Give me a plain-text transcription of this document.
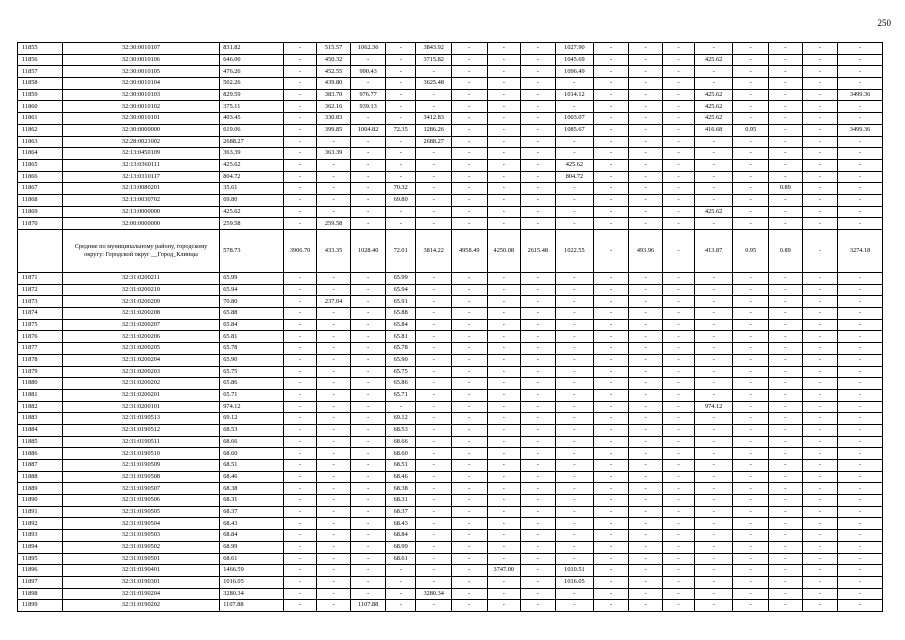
250
11855	32:30:0010107	831.82	-	515.57	1062.36	-	3843.92	-	-	-	1027.90	-	-	-	-	-	-	-	-
11856	32:30:0010106	646.00	-	450.32	-	-	3715.82	-	-	-	1045.69	-	-	-	425.62	-	-	-	-
11857	32:30:0010105	476.26	-	452.55	990.43	-	-	-	-	-	1096.49	-	-	-	-	-	-	-	-
11858	32:30:0010104	502.26	-	439.80	-	-	3625.48	-	-	-	-	-	-	-	-	-	-	-	-
11859	32:30:0010103	829.59	-	383.70	976.77	-	-	-	-	-	1014.12	-	-	-	425.62	-	-	-	3499.36
11860	32:30:0010102	375.11	-	362.16	939.13	-	-	-	-	-	-	-	-	-	425.62	-	-	-	-
11861	32:30:0010101	403.45	-	330.83	-	-	3412.83	-	-	-	1003.07	-	-	-	425.62	-	-	-	-
11862	32:30:0000000	619.06	-	399.85	1004.82	72.35	1286.26	-	-	-	1085.67	-	-	-	416.68	0.95	-	-	3499.36
11863	32:28:0021002	2688.27	-	-	-	-	2688.27	-	-	-	-	-	-	-	-	-	-	-	-
11864	32:13:0450109	363.39	-	363.39	-	-	-	-	-	-	-	-	-	-	-	-	-	-	-
11865	32:13:0360111	425.62	-	-	-	-	-	-	-	-	425.62	-	-	-	-	-	-	-	-
11866	32:13:0310117	804.72	-	-	-	-	-	-	-	-	804.72	-	-	-	-	-	-	-	-
11867	32:13:0080201	35.61	-	-	-	70.32	-	-	-	-	-	-	-	-	-	-	0.89	-	-
11868	32:13:0030702	69.80	-	-	-	69.80	-	-	-	-	-	-	-	-	-	-	-	-	-
11869	32:13:0000000	425.62	-	-	-	-	-	-	-	-	-	-	-	-	425.62	-	-	-	-
11870	32:00:0000000	259.58	-	259.58	-	-	-	-	-	-	-	-	-	-	-	-	-	-	-
	Средние по муниципальному району, городскому округу: Городской округ __Город_Клинцы	578.73	3906.70	433.35	1028.40	72.01	3814.22	4958.49	4250.08	2615.48	1022.55	-	493.96	-	413.87	0.95	0.89	-	3274.18
11871	32:31:0200211	65.99	-	-	-	65.99	-	-	-	-	-	-	-	-	-	-	-	-	-
11872	32:31:0200210	65.94	-	-	-	65.94	-	-	-	-	-	-	-	-	-	-	-	-	-
11873	32:31:0200209	70.80	-	237.04	-	65.91	-	-	-	-	-	-	-	-	-	-	-	-	-
11874	32:31:0200208	65.88	-	-	-	65.88	-	-	-	-	-	-	-	-	-	-	-	-	-
11875	32:31:0200207	65.84	-	-	-	65.84	-	-	-	-	-	-	-	-	-	-	-	-	-
11876	32:31:0200206	65.81	-	-	-	65.81	-	-	-	-	-	-	-	-	-	-	-	-	-
11877	32:31:0200205	65.78	-	-	-	65.78	-	-	-	-	-	-	-	-	-	-	-	-	-
11878	32:31:0200204	65.90	-	-	-	65.90	-	-	-	-	-	-	-	-	-	-	-	-	-
11879	32:31:0200203	65.75	-	-	-	65.75	-	-	-	-	-	-	-	-	-	-	-	-	-
11880	32:31:0200202	65.86	-	-	-	65.86	-	-	-	-	-	-	-	-	-	-	-	-	-
11881	32:31:0200201	65.71	-	-	-	65.71	-	-	-	-	-	-	-	-	-	-	-	-	-
11882	32:31:0200101	974.12	-	-	-	-	-	-	-	-	-	-	-	-	974.12	-	-	-	-
11883	32:31:0190513	69.12	-	-	-	69.12	-	-	-	-	-	-	-	-	-	-	-	-	-
11884	32:31:0190512	68.53	-	-	-	68.53	-	-	-	-	-	-	-	-	-	-	-	-	-
11885	32:31:0190511	68.66	-	-	-	68.66	-	-	-	-	-	-	-	-	-	-	-	-	-
11886	32:31:0190510	68.60	-	-	-	68.60	-	-	-	-	-	-	-	-	-	-	-	-	-
11887	32:31:0190509	68.51	-	-	-	68.51	-	-	-	-	-	-	-	-	-	-	-	-	-
11888	32:31:0190508	68.46	-	-	-	68.46	-	-	-	-	-	-	-	-	-	-	-	-	-
11889	32:31:0190507	68.38	-	-	-	68.38	-	-	-	-	-	-	-	-	-	-	-	-	-
11890	32:31:0190506	68.31	-	-	-	68.31	-	-	-	-	-	-	-	-	-	-	-	-	-
11891	32:31:0190505	68.37	-	-	-	68.37	-	-	-	-	-	-	-	-	-	-	-	-	-
11892	32:31:0190504	68.43	-	-	-	68.43	-	-	-	-	-	-	-	-	-	-	-	-	-
11893	32:31:0190503	68.84	-	-	-	68.84	-	-	-	-	-	-	-	-	-	-	-	-	-
11894	32:31:0190502	68.99	-	-	-	68.99	-	-	-	-	-	-	-	-	-	-	-	-	-
11895	32:31:0190501	68.61	-	-	-	68.61	-	-	-	-	-	-	-	-	-	-	-	-	-
11896	32:31:0190401	1466.59	-	-	-	-	-	-	3747.00	-	1010.51	-	-	-	-	-	-	-	-
11897	32:31:0190301	1016.05	-	-	-	-	-	-	-	-	1016.05	-	-	-	-	-	-	-	-
11898	32:31:0190204	3280.34	-	-	-	-	3280.34	-	-	-	-	-	-	-	-	-	-	-	-
11899	32:31:0190202	1107.88	-	-	1107.88	-	-	-	-	-	-	-	-	-	-	-	-	-	-
